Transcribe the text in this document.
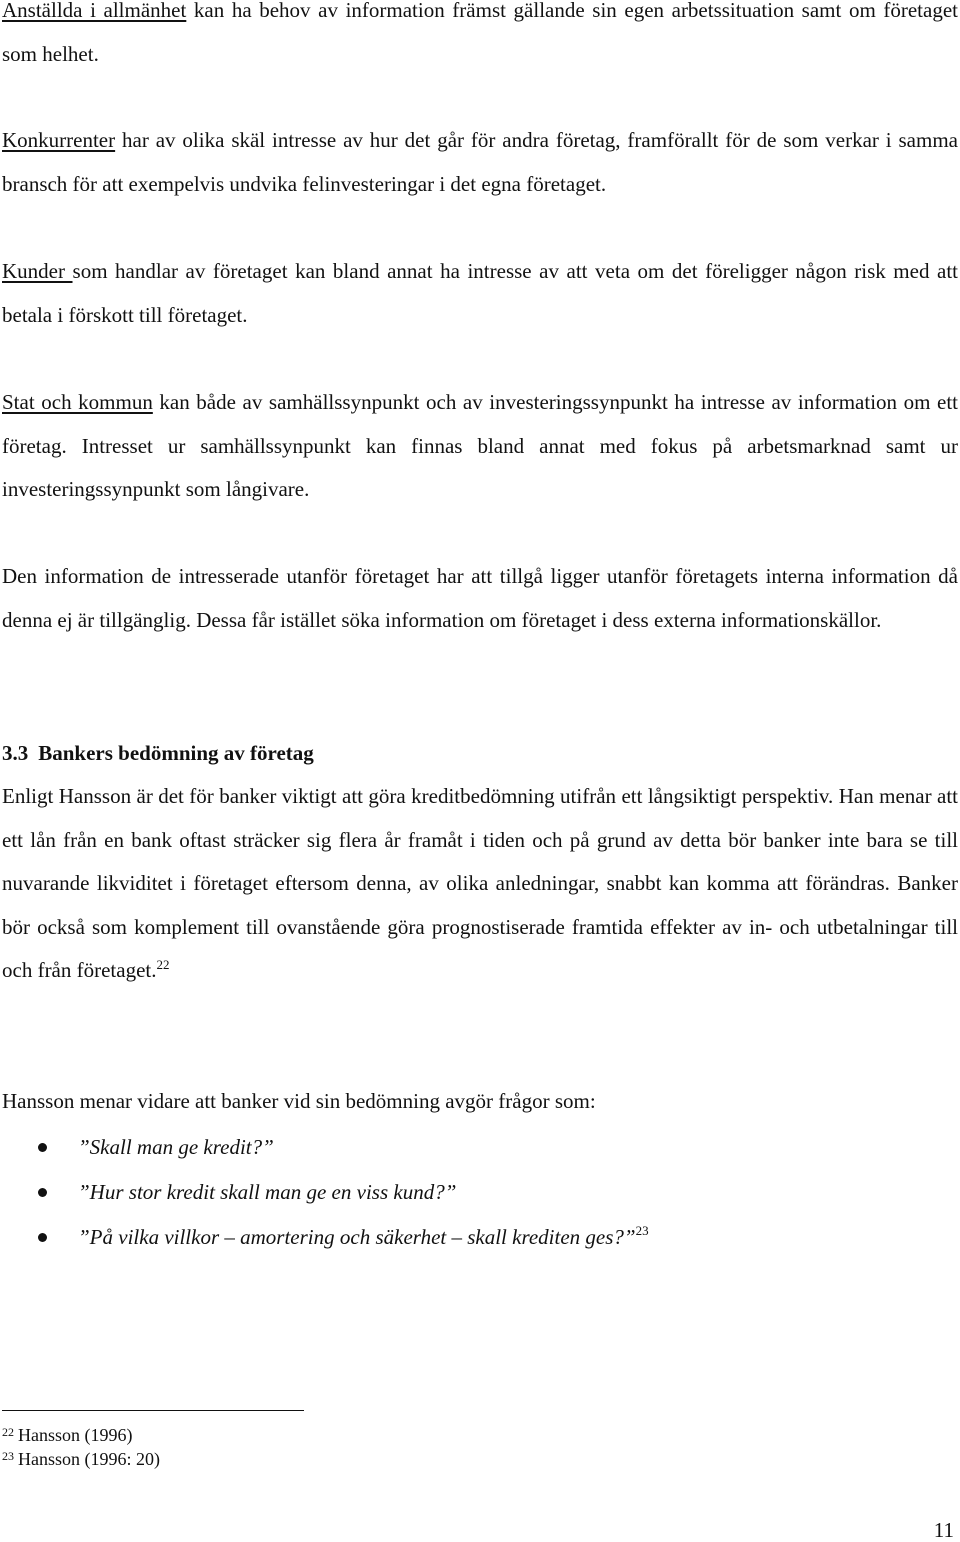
Anställda i allmänhet kan ha behov av information främst gällande sin egen arbetssituation samt om företaget som helhet.

Konkurrenter har av olika skäl intresse av hur det går för andra företag, framförallt för de som verkar i samma bransch för att exempelvis undvika felinvesteringar i det egna företaget.

Kunder som handlar av företaget kan bland annat ha intresse av att veta om det föreligger någon risk med att betala i förskott till företaget.

Stat och kommun kan både av samhällssynpunkt och av investeringssynpunkt ha intresse av information om ett företag. Intresset ur samhällssynpunkt kan finnas bland annat med fokus på arbetsmarknad samt ur investeringssynpunkt som långivare.

Den information de intresserade utanför företaget har att tillgå ligger utanför företagets interna information då denna ej är tillgänglig. Dessa får istället söka information om företaget i dess externa informationskällor.

3.3 Bankers bedömning av företag

Enligt Hansson är det för banker viktigt att göra kreditbedömning utifrån ett långsiktigt perspektiv. Han menar att ett lån från en bank oftast sträcker sig flera år framåt i tiden och på grund av detta bör banker inte bara se till nuvarande likviditet i företaget eftersom denna, av olika anledningar, snabbt kan komma att förändras. Banker bör också som komplement till ovanstående göra prognostiserade framtida effekter av in- och utbetalningar till och från företaget.$^{22}$

Hansson menar vidare att banker vid sin bedömning avgör frågor som:

”Skall man ge kredit?”
”Hur stor kredit skall man ge en viss kund?”
”På vilka villkor – amortering och säkerhet – skall krediten ges?”$^{23}$
$^{22}$ Hansson (1996)
$^{23}$ Hansson (1996: 20)
11
